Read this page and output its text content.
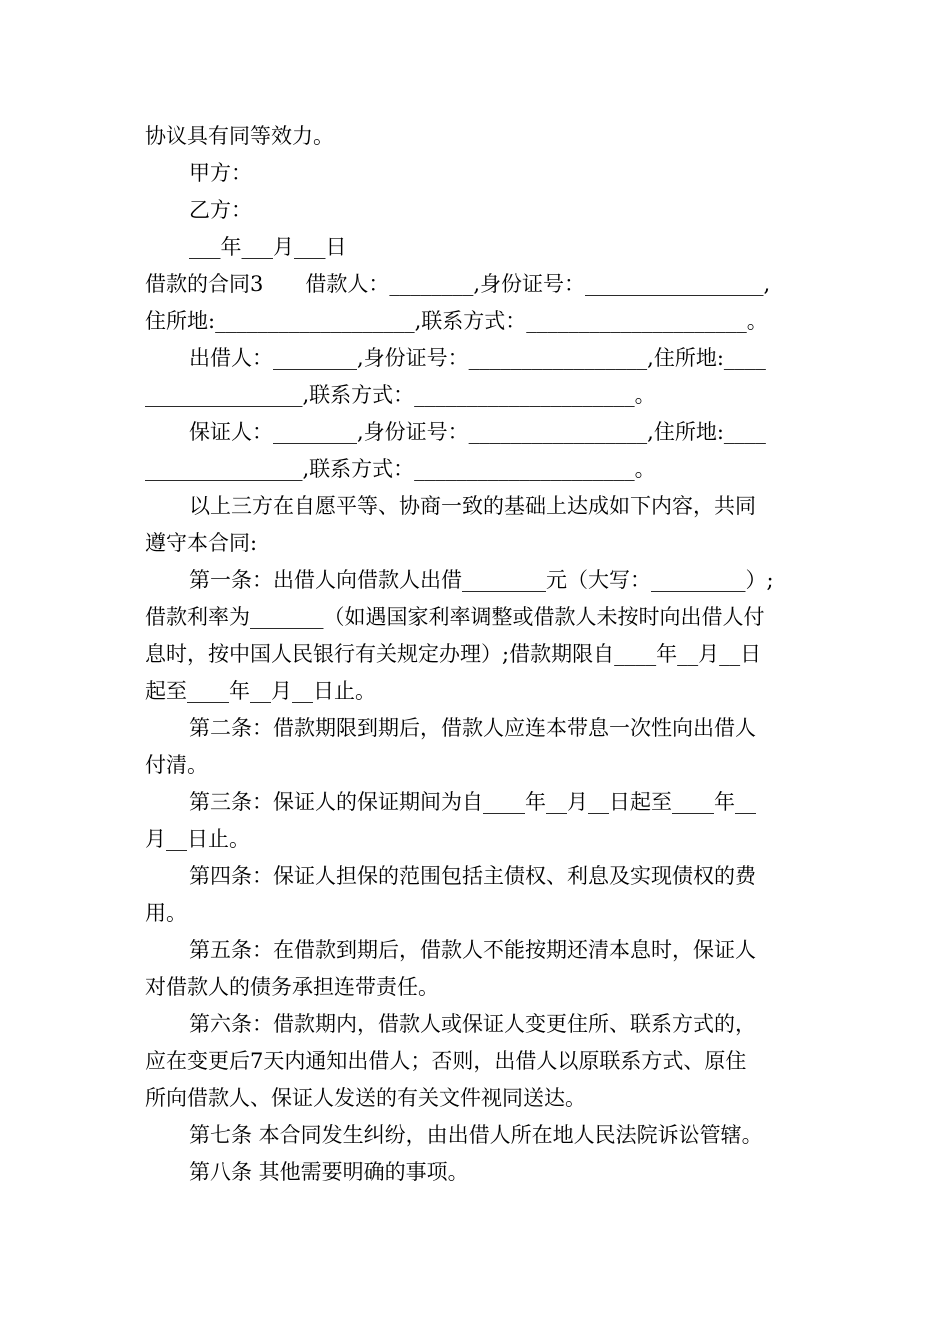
协议具有同等效力。
甲方：
乙方：
___年___月___日
借款的合同3 借款人：________,身份证号：_________________,
住所地:___________________,联系方式：_____________________。
出借人：________,身份证号：_________________,住所地:____
_______________,联系方式：_____________________。
保证人：________,身份证号：_________________,住所地:____
_______________,联系方式：_____________________。
以上三方在自愿平等、协商一致的基础上达成如下内容，共同
遵守本合同:
第一条：出借人向借款人出借________元（大写：_________）;
借款利率为_______（如遇国家利率调整或借款人未按时向出借人付
息时，按中国人民银行有关规定办理）;借款期限自____年__月__日
起至____年__月__日止。
第二条：借款期限到期后，借款人应连本带息一次性向出借人
付清。
第三条：保证人的保证期间为自____年__月__日起至____年__
月__日止。
第四条：保证人担保的范围包括主债权、利息及实现债权的费
用。
第五条：在借款到期后，借款人不能按期还清本息时，保证人
对借款人的债务承担连带责任。
第六条：借款期内，借款人或保证人变更住所、联系方式的，
应在变更后7天内通知出借人；否则，出借人以原联系方式、原住
所向借款人、保证人发送的有关文件视同送达。
第七条 本合同发生纠纷，由出借人所在地人民法院诉讼管辖。
第八条 其他需要明确的事项。
